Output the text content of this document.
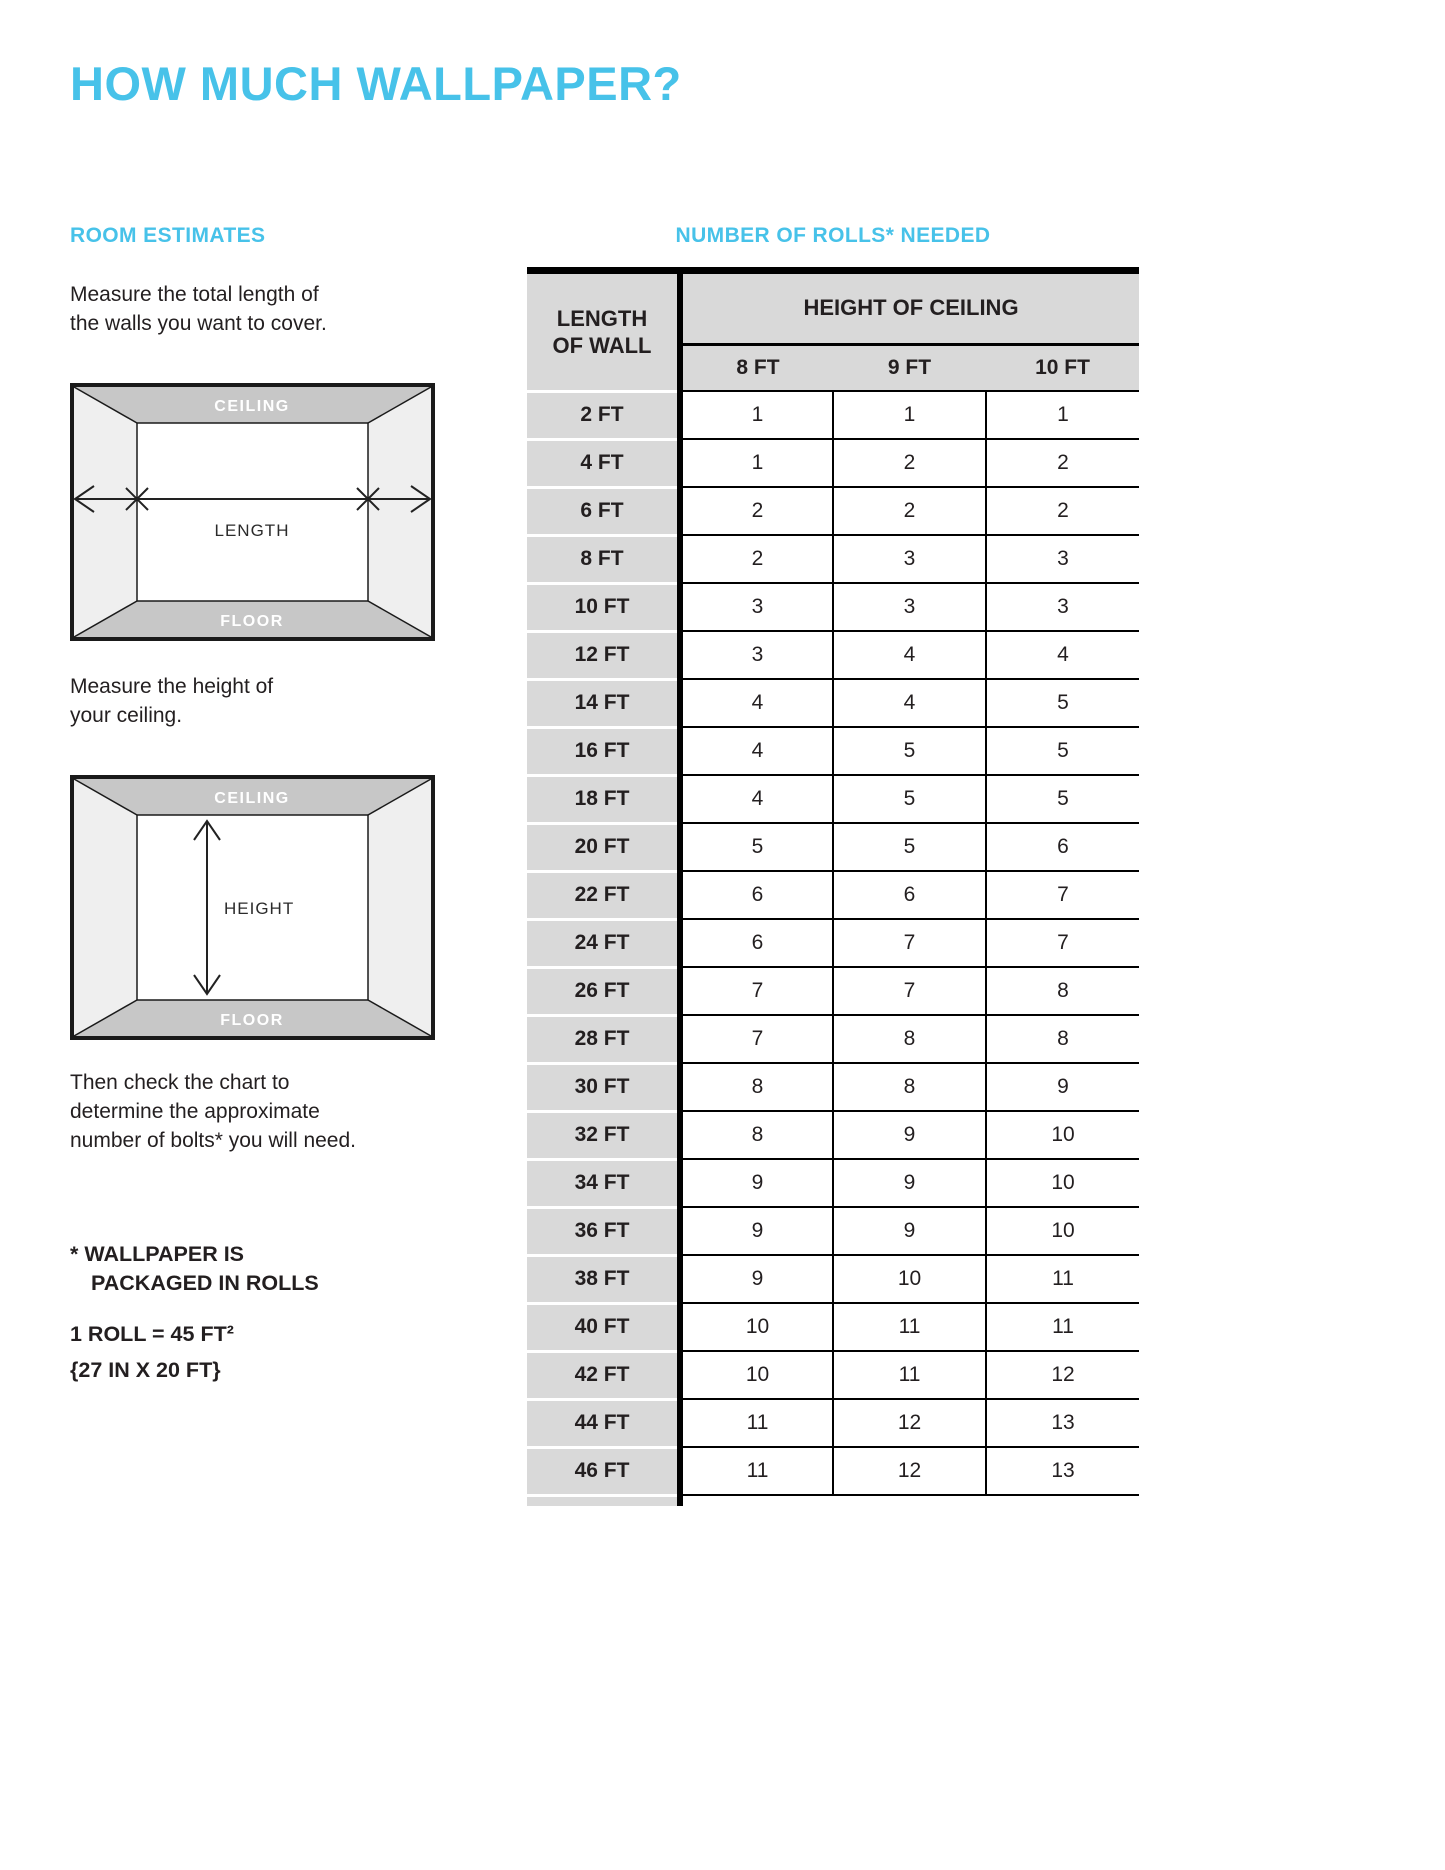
HOW MUCH WALLPAPER?
ROOM ESTIMATES
Measure the total length of
the walls you want to cover.
CEILING
FLOOR
LENGTH
Measure the height of
your ceiling.
CEILING
FLOOR
HEIGHT
Then check the chart to
determine the approximate
number of bolts* you will need.
* WALLPAPER IS
PACKAGED IN ROLLS
1 ROLL = 45 FT²
{27 IN X 20 FT}
NUMBER OF ROLLS* NEEDED
LENGTH
OF WALL	HEIGHT OF CEILING		
	8 FT	9 FT	10 FT
2 FT	1	1	1
4 FT	1	2	2
6 FT	2	2	2
8 FT	2	3	3
10 FT	3	3	3
12 FT	3	4	4
14 FT	4	4	5
16 FT	4	5	5
18 FT	4	5	5
20 FT	5	5	6
22 FT	6	6	7
24 FT	6	7	7
26 FT	7	7	8
28 FT	7	8	8
30 FT	8	8	9
32 FT	8	9	10
34 FT	9	9	10
36 FT	9	9	10
38 FT	9	10	11
40 FT	10	11	11
42 FT	10	11	12
44 FT	11	12	13
46 FT	11	12	13
